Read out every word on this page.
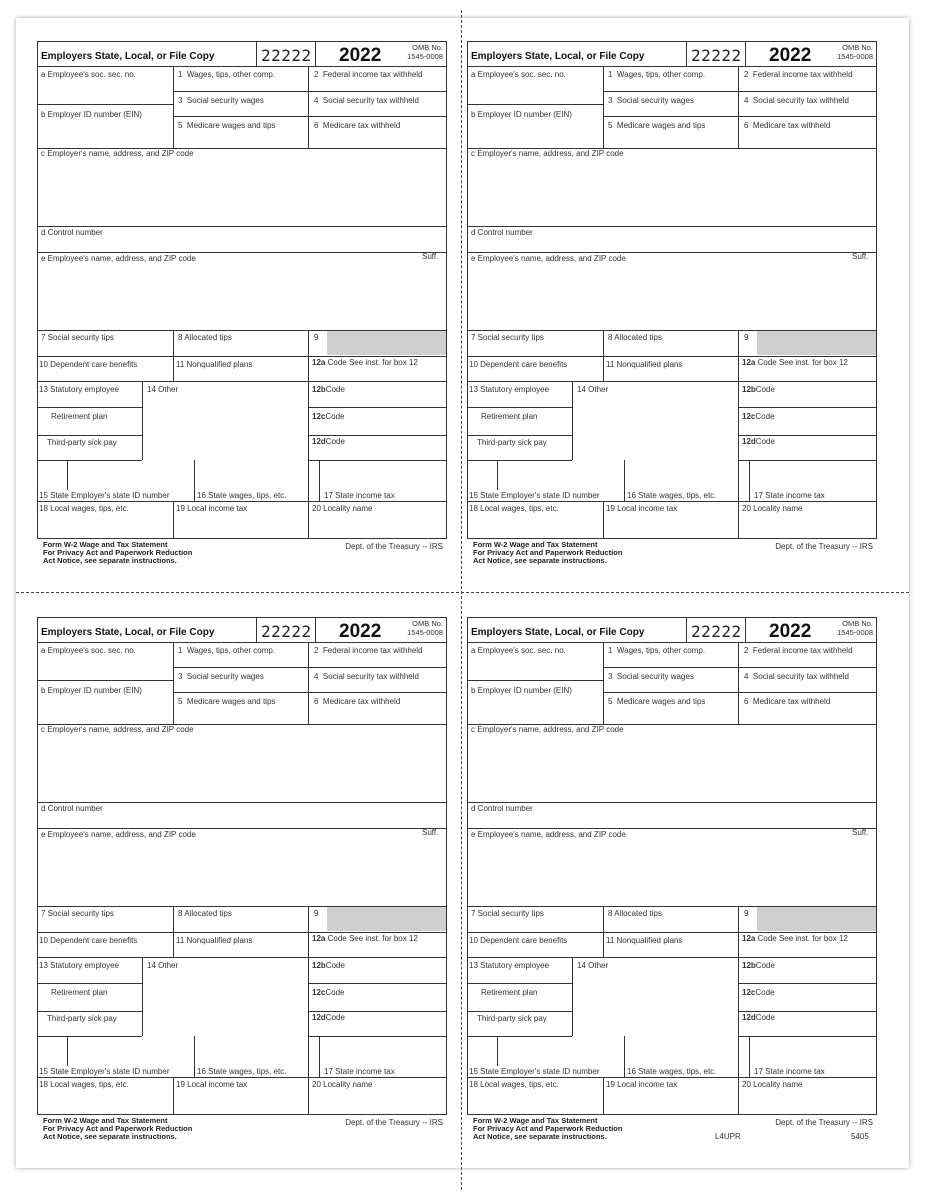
Employers State, Local, or File Copy	22222 2022	OMB No.
1545-0008
a Employee's soc. sec. no.	1 Wages, tips, other comp.	2 Federal income tax withheld
b Employer ID number (EIN)
3 Social security wages	4 Social security tax withheld
5 Medicare wages and tips	6 Medicare tax withheld
c Employer's name, address, and ZIP code
d Control number
e Employee's name, address, and ZIP code	Suff.
7 Social security tips	8 Allocated tips	9
10 Dependent care benefits	11 Nonqualified plans	12a Code See inst. for box 12
13 Statutory employee	14 Other	12bCode
Retirement plan	12cCode
Third-party sick pay	12dCode
15 State Employer's state ID number	16 State wages, tips, etc.	17 State income tax
18 Local wages, tips, etc.	19 Local income tax	20 Locality name
Form W-2 Wage and Tax Statement
For Privacy Act and Paperwork Reduction
Act Notice, see separate instructions.
Dept. of the Treasury -- IRS
Employers State, Local, or File Copy	22222 2022	OMB No.
1545-0008
a Employee's soc. sec. no.	1 Wages, tips, other comp.	2 Federal income tax withheld
b Employer ID number (EIN)
3 Social security wages	4 Social security tax withheld
5 Medicare wages and tips	6 Medicare tax withheld
c Employer's name, address, and ZIP code
d Control number
e Employee's name, address, and ZIP code	Suff.
7 Social security tips	8 Allocated tips	9
10 Dependent care benefits	11 Nonqualified plans	12a Code See inst. for box 12
13 Statutory employee	14 Other	12bCode
Retirement plan	12cCode
Third-party sick pay	12dCode
15 State Employer's state ID number	16 State wages, tips, etc.	17 State income tax
18 Local wages, tips, etc.	19 Local income tax	20 Locality name
Form W-2 Wage and Tax Statement
For Privacy Act and Paperwork Reduction
Act Notice, see separate instructions.
Dept. of the Treasury -- IRS
Employers State, Local, or File Copy	22222 2022	OMB No.
1545-0008
a Employee's soc. sec. no.	1 Wages, tips, other comp.	2 Federal income tax withheld
b Employer ID number (EIN)
3 Social security wages	4 Social security tax withheld
5 Medicare wages and tips	6 Medicare tax withheld
c Employer's name, address, and ZIP code
d Control number
e Employee's name, address, and ZIP code	Suff.
7 Social security tips	8 Allocated tips	9
10 Dependent care benefits	11 Nonqualified plans	12a Code See inst. for box 12
13 Statutory employee	14 Other	12bCode
Retirement plan	12cCode
Third-party sick pay	12dCode
15 State Employer's state ID number	16 State wages, tips, etc.	17 State income tax
18 Local wages, tips, etc.	19 Local income tax	20 Locality name
Form W-2 Wage and Tax Statement
For Privacy Act and Paperwork Reduction
Act Notice, see separate instructions.
Dept. of the Treasury -- IRS
Employers State, Local, or File Copy	22222 2022	OMB No.
1545-0008
a Employee's soc. sec. no.	1 Wages, tips, other comp.	2 Federal income tax withheld
b Employer ID number (EIN)
3 Social security wages	4 Social security tax withheld
5 Medicare wages and tips	6 Medicare tax withheld
c Employer's name, address, and ZIP code
d Control number
e Employee's name, address, and ZIP code	Suff.
7 Social security tips	8 Allocated tips	9
10 Dependent care benefits	11 Nonqualified plans	12a Code See inst. for box 12
13 Statutory employee	14 Other	12bCode
Retirement plan	12cCode
Third-party sick pay	12dCode
15 State Employer's state ID number	16 State wages, tips, etc.	17 State income tax
18 Local wages, tips, etc.	19 Local income tax	20 Locality name
Form W-2 Wage and Tax Statement
For Privacy Act and Paperwork Reduction
Act Notice, see separate instructions.
Dept. of the Treasury -- IRS
L4UPR	5405
